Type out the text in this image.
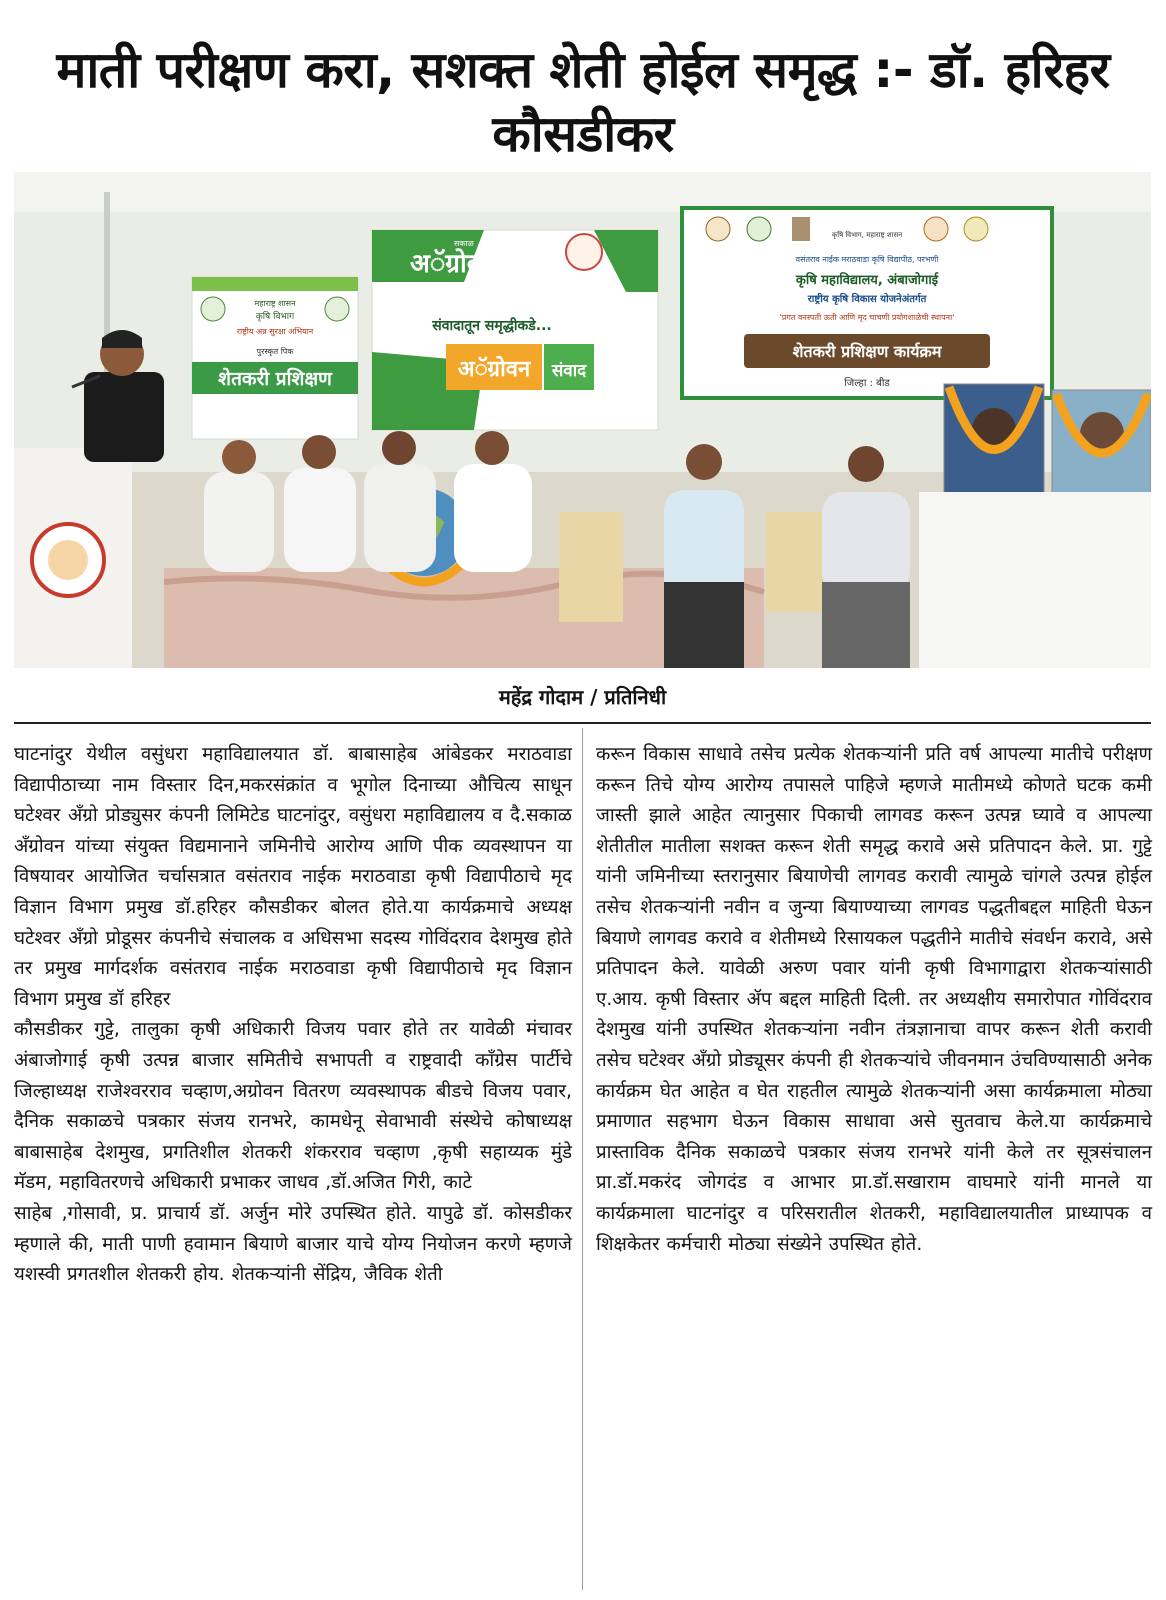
माती परीक्षण करा, सशक्त शेती होईल समृद्ध :- डॉ. हरिहर कौसडीकर
महाराष्ट्र शासन
कृषि विभाग
राष्ट्रीय अन्न सुरक्षा अभियान
पुरस्कृत पिक
शेतकरी प्रशिक्षण
अॅग्रोवन
सकाळ
संवादातून समृद्धीकडे...
अॅग्रोवन संवाद
कृषि विभाग, महाराष्ट्र शासन
वसंतराव नाईक मराठवाडा कृषि विद्यापीठ, परभणी
कृषि महाविद्यालय, अंबाजोगाई
राष्ट्रीय कृषि विकास योजनेअंतर्गत
'प्रगत वनस्पती ऊती आणि मृद चाचणी प्रयोगशाळेची स्थापना'
शेतकरी प्रशिक्षण कार्यक्रम
जिल्हा : बीड
महेंद्र गोदाम / प्रतिनिधी
घाटनांदुर येथील वसुंधरा महाविद्यालयात डॉ. बाबासाहेब आंबेडकर मराठवाडा विद्यापीठाच्या नाम विस्तार दिन,मकरसंक्रांत व भूगोल दिनाच्या औचित्य साधून घटेश्वर अँग्रो प्रोड्युसर कंपनी लिमिटेड घाटनांदुर, वसुंधरा महाविद्यालय व दै.सकाळ अँग्रोवन यांच्या संयुक्त विद्यमानाने जमिनीचे आरोग्य आणि पीक व्यवस्थापन या विषयावर आयोजित चर्चासत्रात वसंतराव नाईक मराठवाडा कृषी विद्यापीठाचे मृद विज्ञान विभाग प्रमुख डॉ.हरिहर कौसडीकर बोलत होते.या कार्यक्रमाचे अध्यक्ष घटेश्वर अँग्रो प्रोडूसर कंपनीचे संचालक व अधिसभा सदस्य गोविंदराव देशमुख होते तर प्रमुख मार्गदर्शक वसंतराव नाईक मराठवाडा कृषी विद्यापीठाचे मृद विज्ञान विभाग प्रमुख डॉ हरिहर
कौसडीकर गुट्टे, तालुका कृषी अधिकारी विजय पवार होते तर यावेळी मंचावर अंबाजोगाई कृषी उत्पन्न बाजार समितीचे सभापती व राष्ट्रवादी काँग्रेस पार्टीचे जिल्हाध्यक्ष राजेश्वरराव चव्हाण,अग्रोवन वितरण व्यवस्थापक बीडचे विजय पवार, दैनिक सकाळचे पत्रकार संजय रानभरे, कामधेनू सेवाभावी संस्थेचे कोषाध्यक्ष बाबासाहेब देशमुख, प्रगतिशील शेतकरी शंकरराव चव्हाण ,कृषी सहाय्यक मुंडे मॅडम, महावितरणचे अधिकारी प्रभाकर जाधव ,डॉ.अजित गिरी, काटे
साहेब ,गोसावी, प्र. प्राचार्य डॉ. अर्जुन मोरे उपस्थित होते. यापुढे डॉ. कोसडीकर म्हणाले की, माती पाणी हवामान बियाणे बाजार याचे योग्य नियोजन करणे म्हणजे यशस्वी प्रगतशील शेतकरी होय. शेतकऱ्यांनी सेंद्रिय, जैविक शेती
करून विकास साधावे तसेच प्रत्येक शेतकऱ्यांनी प्रति वर्ष आपल्या मातीचे परीक्षण करून तिचे योग्य आरोग्य तपासले पाहिजे म्हणजे मातीमध्ये कोणते घटक कमी जास्ती झाले आहेत त्यानुसार पिकाची लागवड करून उत्पन्न घ्यावे व आपल्या शेतीतील मातीला सशक्त करून शेती समृद्ध करावे असे प्रतिपादन केले. प्रा. गुट्टे यांनी जमिनीच्या स्तरानुसार बियाणेची लागवड करावी त्यामुळे चांगले उत्पन्न होईल तसेच शेतकऱ्यांनी नवीन व जुन्या बियाण्याच्या लागवड पद्धतीबद्दल माहिती घेऊन बियाणे लागवड करावे व शेतीमध्ये रिसायकल पद्धतीने मातीचे संवर्धन करावे, असे प्रतिपादन केले. यावेळी अरुण पवार यांनी कृषी विभागाद्वारा शेतकऱ्यांसाठी ए.आय. कृषी विस्तार ॲप बद्दल माहिती दिली. तर अध्यक्षीय समारोपात गोविंदराव देशमुख यांनी उपस्थित शेतकऱ्यांना नवीन तंत्रज्ञानाचा वापर करून शेती करावी तसेच घटेश्वर अँग्रो प्रोड्यूसर कंपनी ही शेतकऱ्यांचे जीवनमान उंचविण्यासाठी अनेक कार्यक्रम घेत आहेत व घेत राहतील त्यामुळे शेतकऱ्यांनी असा कार्यक्रमाला मोठ्या प्रमाणात सहभाग घेऊन विकास साधावा असे सुतवाच केले.या कार्यक्रमाचे प्रास्ताविक दैनिक सकाळचे पत्रकार संजय रानभरे यांनी केले तर सूत्रसंचालन प्रा.डॉ.मकरंद जोगदंड व आभार प्रा.डॉ.सखाराम वाघमारे यांनी मानले या कार्यक्रमाला घाटनांदुर व परिसरातील शेतकरी, महाविद्यालयातील प्राध्यापक व शिक्षकेतर कर्मचारी मोठ्या संख्येने उपस्थित होते.
